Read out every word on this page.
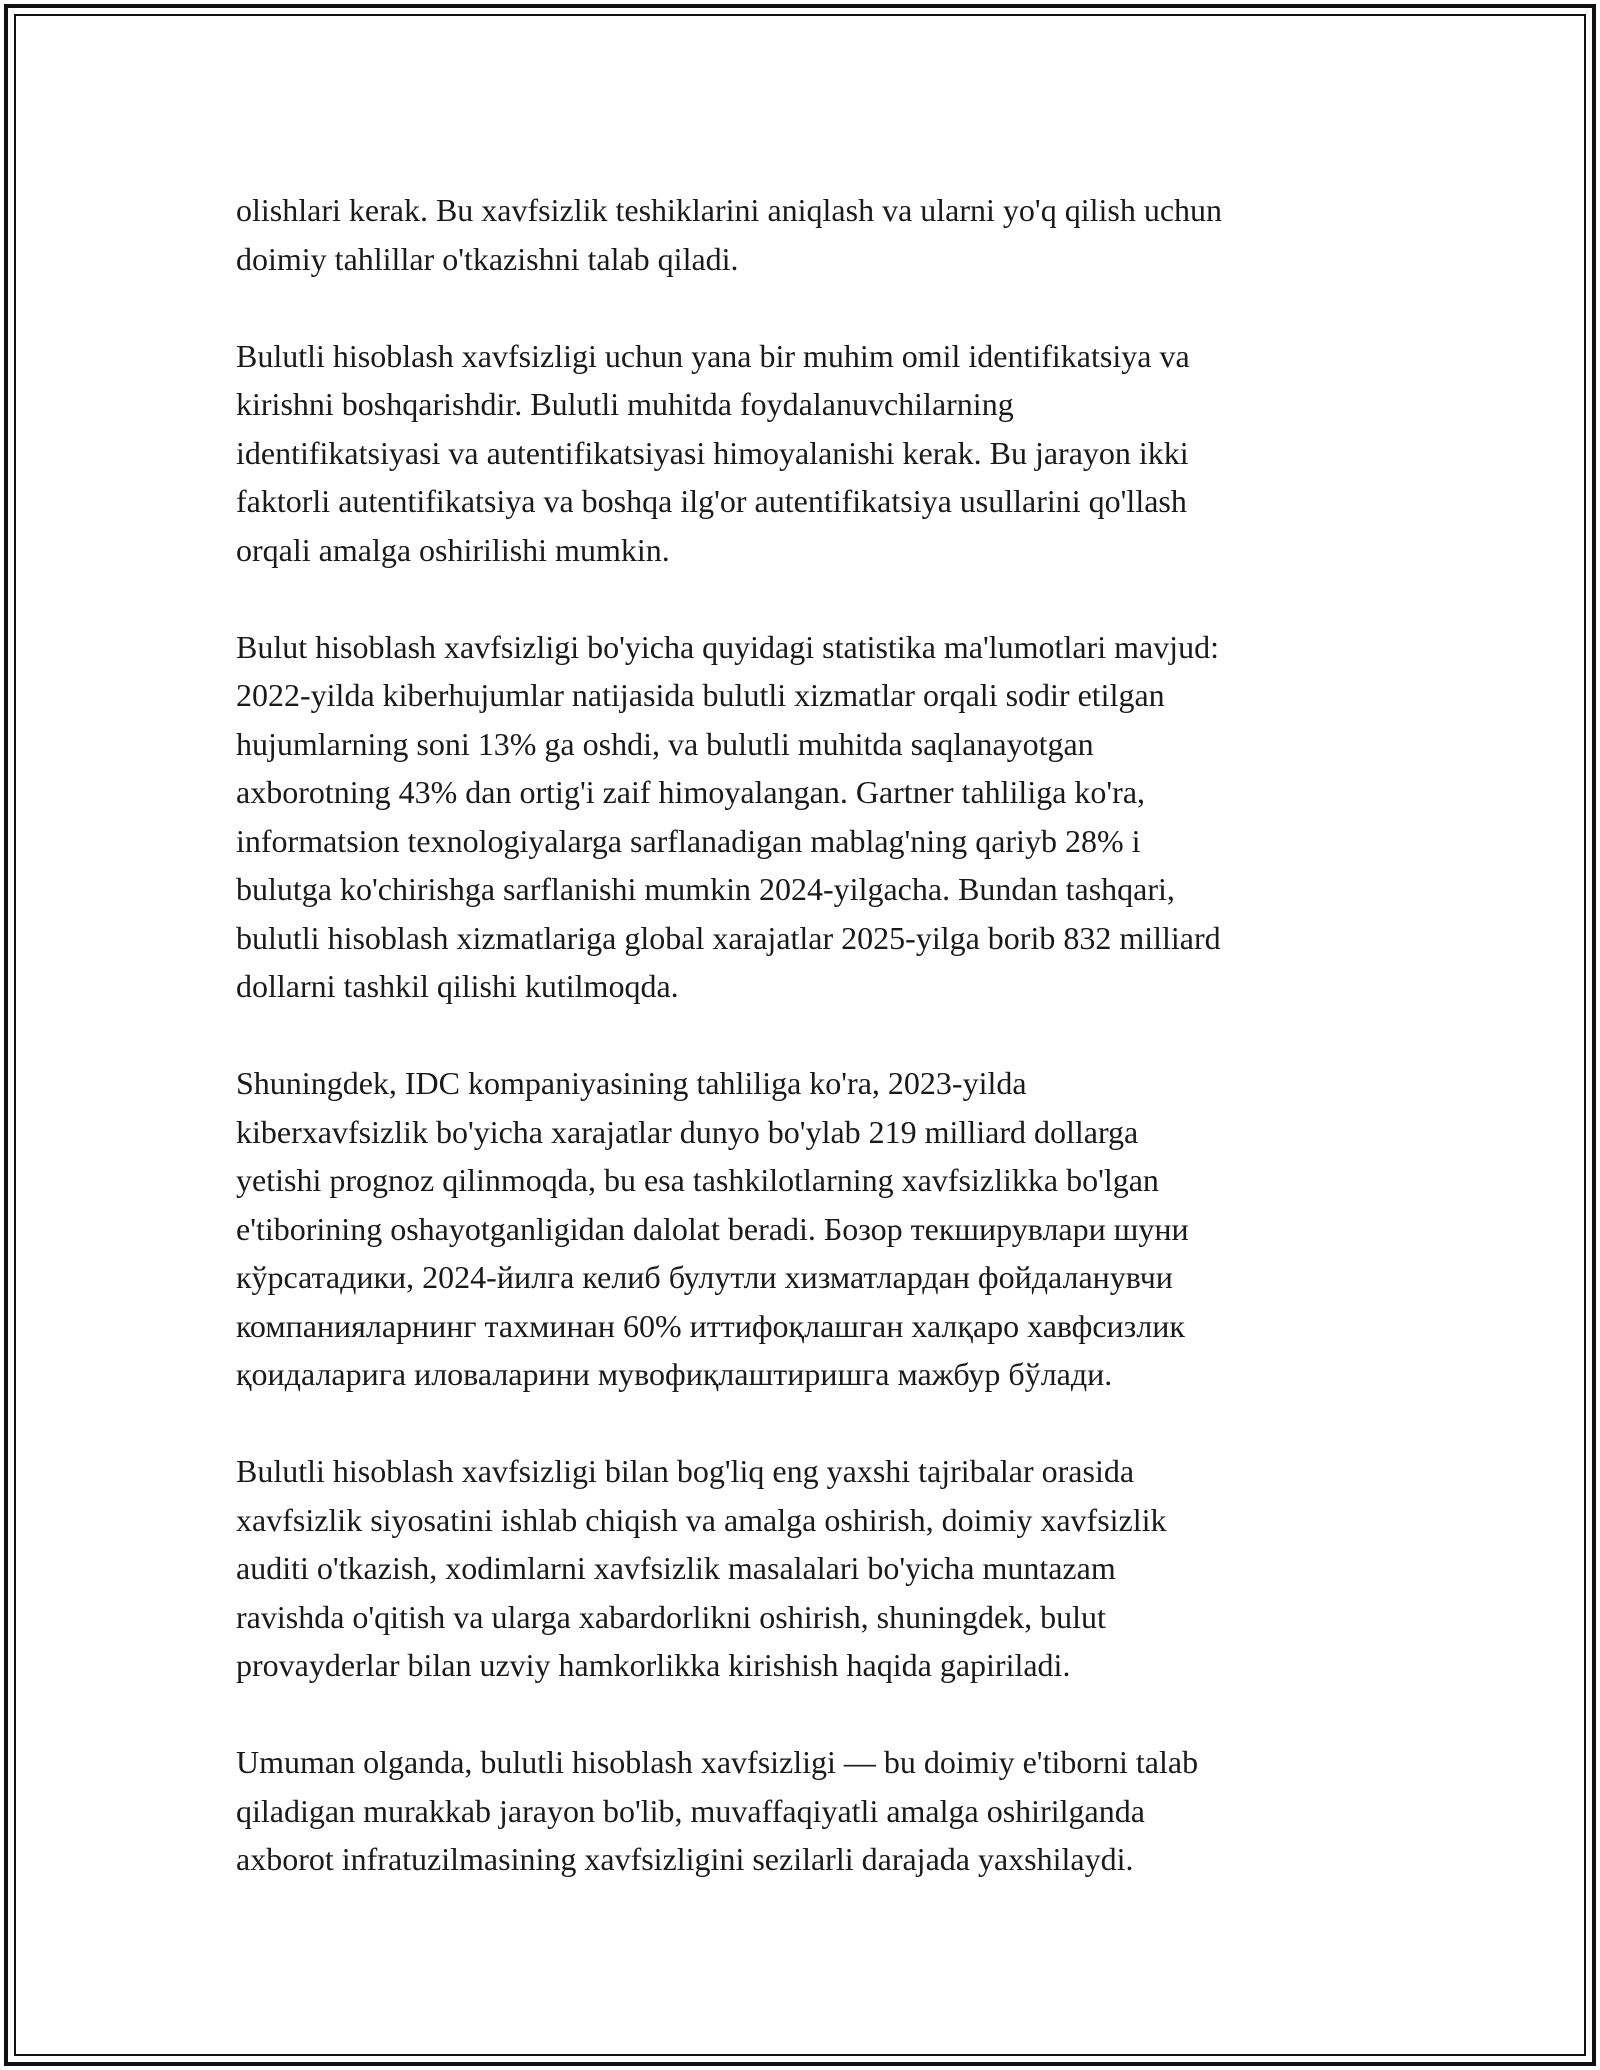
olishlari kerak. Bu xavfsizlik teshiklarini aniqlash va ularni yo'q qilish uchun
doimiy tahlillar o'tkazishni talab qiladi.

Bulutli hisoblash xavfsizligi uchun yana bir muhim omil identifikatsiya va
kirishni boshqarishdir. Bulutli muhitda foydalanuvchilarning
identifikatsiyasi va autentifikatsiyasi himoyalanishi kerak. Bu jarayon ikki
faktorli autentifikatsiya va boshqa ilg'or autentifikatsiya usullarini qo'llash
orqali amalga oshirilishi mumkin.

Bulut hisoblash xavfsizligi bo'yicha quyidagi statistika ma'lumotlari mavjud:
2022-yilda kiberhujumlar natijasida bulutli xizmatlar orqali sodir etilgan
hujumlarning soni 13% ga oshdi, va bulutli muhitda saqlanayotgan
axborotning 43% dan ortig'i zaif himoyalangan. Gartner tahliliga ko'ra,
informatsion texnologiyalarga sarflanadigan mablag'ning qariyb 28% i
bulutga ko'chirishga sarflanishi mumkin 2024-yilgacha. Bundan tashqari,
bulutli hisoblash xizmatlariga global xarajatlar 2025-yilga borib 832 milliard
dollarni tashkil qilishi kutilmoqda.

Shuningdek, IDC kompaniyasining tahliliga ko'ra, 2023-yilda
kiberxavfsizlik bo'yicha xarajatlar dunyo bo'ylab 219 milliard dollarga
yetishi prognoz qilinmoqda, bu esa tashkilotlarning xavfsizlikka bo'lgan
e'tiborining oshayotganligidan dalolat beradi. Бозор текширувлари шуни
кўрсатадики, 2024-йилга келиб булутли хизматлардан фойдаланувчи
компанияларнинг тахминан 60% иттифоқлашган халқаро хавфсизлик
қоидаларига иловаларини мувофиқлаштиришга мажбур бўлади.

Bulutli hisoblash xavfsizligi bilan bog'liq eng yaxshi tajribalar orasida
xavfsizlik siyosatini ishlab chiqish va amalga oshirish, doimiy xavfsizlik
auditi o'tkazish, xodimlarni xavfsizlik masalalari bo'yicha muntazam
ravishda o'qitish va ularga xabardorlikni oshirish, shuningdek, bulut
provayderlar bilan uzviy hamkorlikka kirishish haqida gapiriladi.

Umuman olganda, bulutli hisoblash xavfsizligi — bu doimiy e'tiborni talab
qiladigan murakkab jarayon bo'lib, muvaffaqiyatli amalga oshirilganda
axborot infratuzilmasining xavfsizligini sezilarli darajada yaxshilaydi.
